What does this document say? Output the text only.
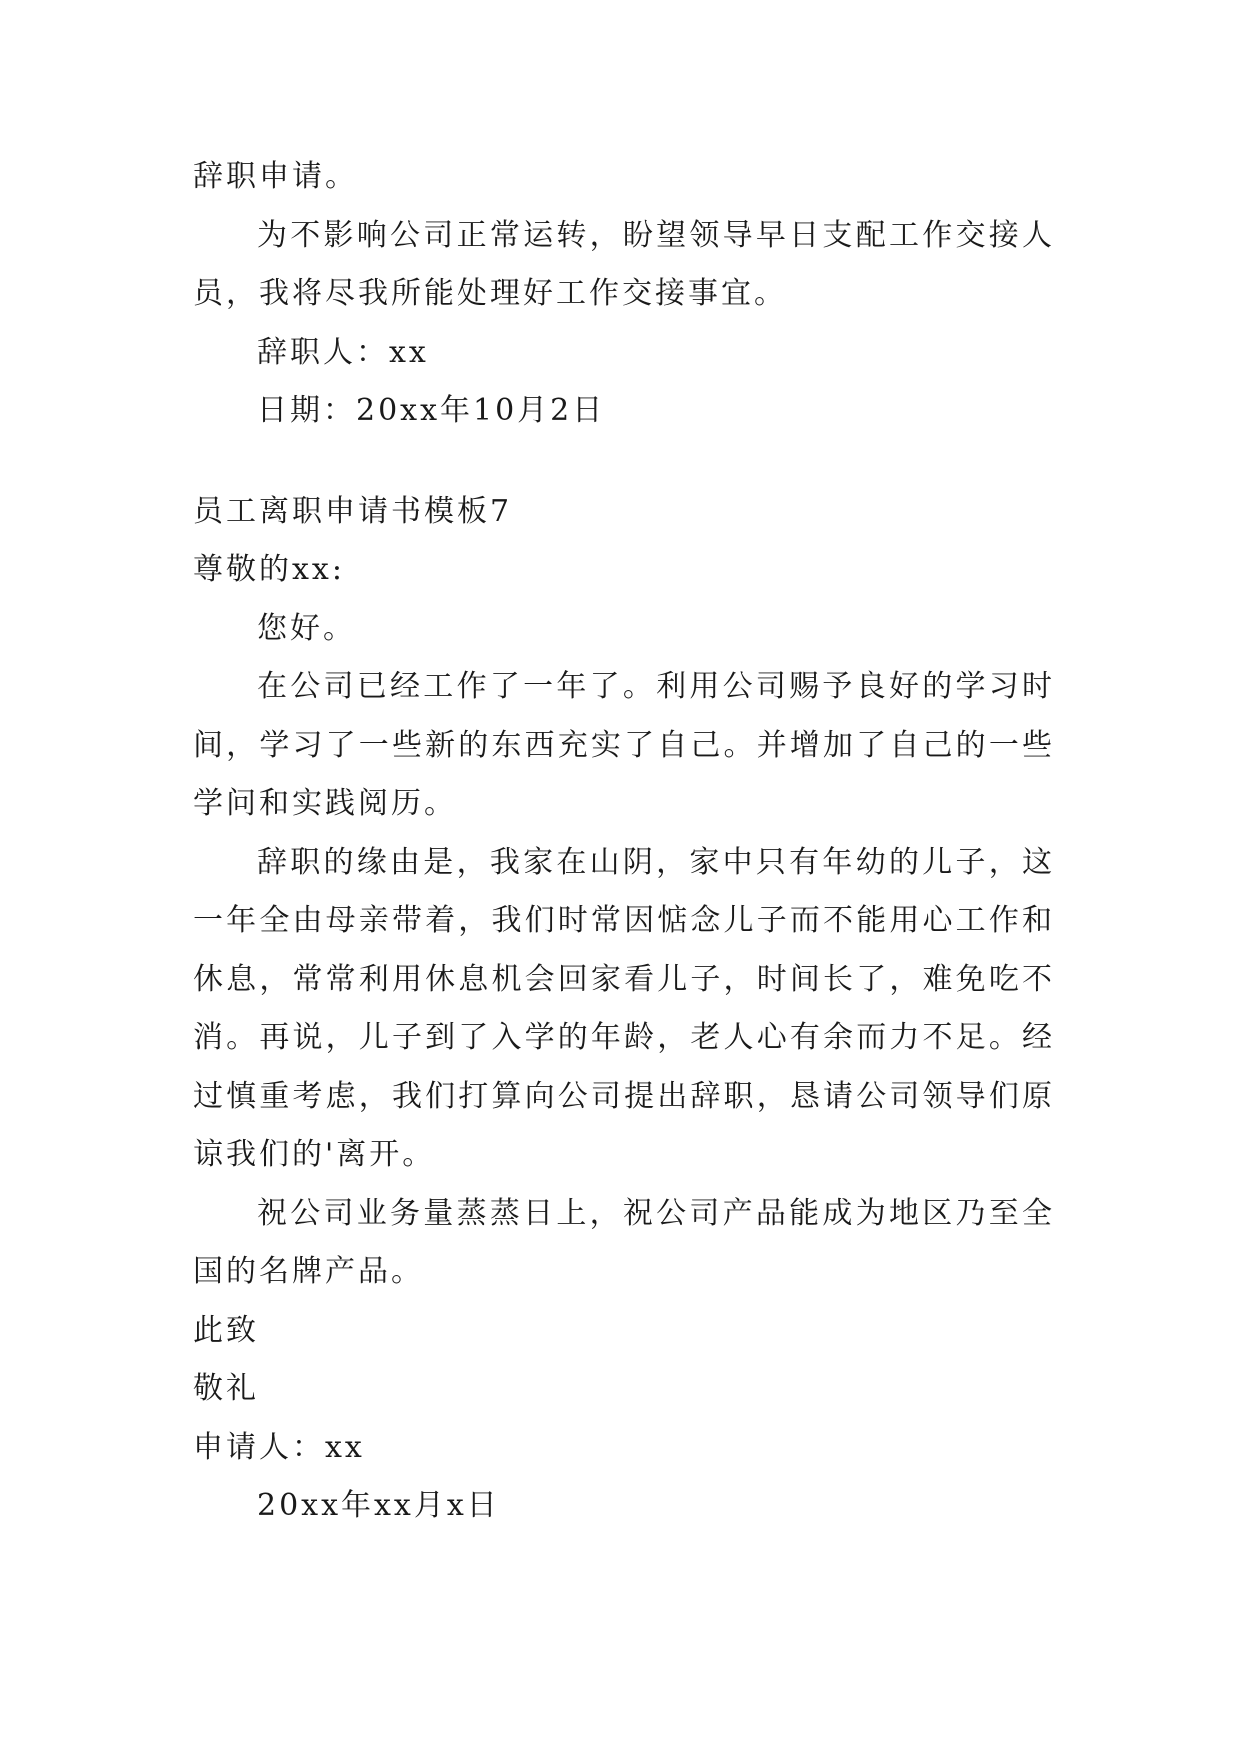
辞职申请。
为不影响公司正常运转，盼望领导早日支配工作交接人员，我将尽我所能处理好工作交接事宜。
辞职人：xx
日期：20xx年10月2日
员工离职申请书模板7
尊敬的xx:
您好。
在公司已经工作了一年了。利用公司赐予良好的学习时间，学习了一些新的东西充实了自己。并增加了自己的一些学问和实践阅历。
辞职的缘由是，我家在山阴，家中只有年幼的儿子，这一年全由母亲带着，我们时常因惦念儿子而不能用心工作和休息，常常利用休息机会回家看儿子，时间长了，难免吃不消。再说，儿子到了入学的年龄，老人心有余而力不足。经过慎重考虑，我们打算向公司提出辞职，恳请公司领导们原谅我们的'离开。
祝公司业务量蒸蒸日上，祝公司产品能成为地区乃至全国的名牌产品。
此致
敬礼
申请人：xx
20xx年xx月x日
